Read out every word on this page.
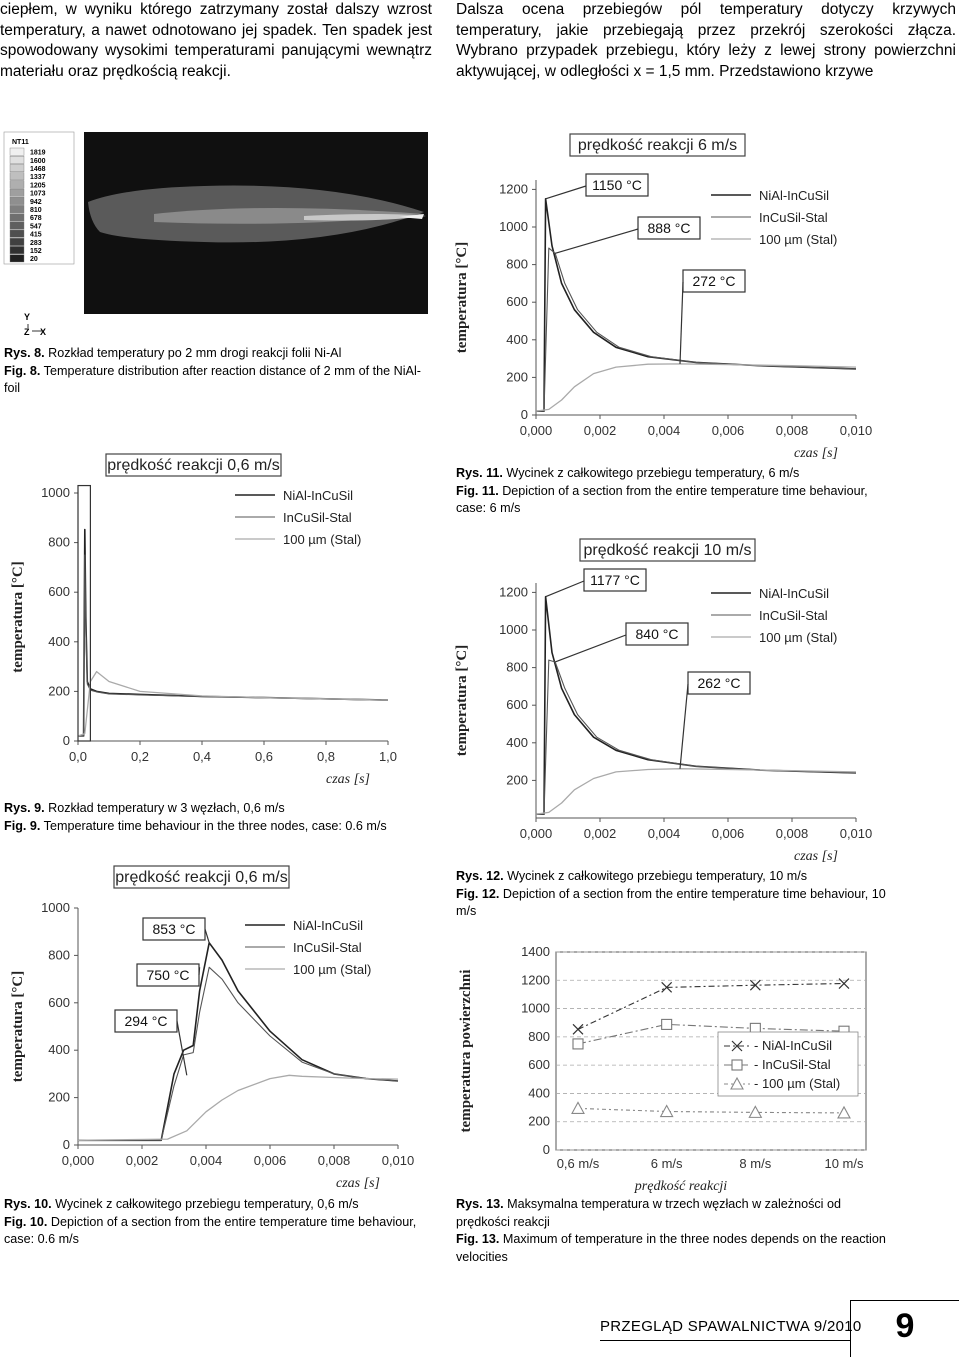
ciepłem, w wyniku którego zatrzymany został dalszy wzrost temperatury, a nawet odnotowano jej spadek. Ten spadek jest spowodowany wysokimi temperaturami panującymi wewnątrz materiału oraz prędkością reakcji.

Dalsza ocena przebiegów pól temperatury dotyczy krzywych temperatury, jakie przebiegają przez przekrój szerokości złącza. Wybrano przypadek przebiegu, który leży z lewej strony powierzchni aktywującej, w odległości x = 1,5 mm. Przedstawiono krzywe

NT11
1819
1600
1468
1337
1205
1073
942
810
678
547
415
283
152
20
Y
Z X

Rys. 8. Rozkład temperatury po 2 mm drogi reakcji folii Ni-Al

Fig. 8. Temperature distribution after reaction distance of 2 mm of the NiAl-foil

prędkość reakcji 0,6 m/s
0
200
400
600
800
1000
0,0	0,2	0,4	0,6	0,8	1,0
czas [s]
temperatura [°C]
NiAl-InCuSil
InCuSil-Stal
100 µm (Stal)
prędkość reakcji 0,6 m/s
0
200
400
600
800
1000
0,000 0,002 0,004 0,006 0,008 0,010
czas [s]
temperatura [°C]
NiAl-InCuSil
InCuSil-Stal
100 µm (Stal)
853 °C
750 °C
294 °C
prędkość reakcji 6 m/s
0
200
400
600
800
1000
1200
0,000 0,002 0,004 0,006 0,008 0,010
czas [s]
temperatura [°C]
NiAl-InCuSil
InCuSil-Stal
100 µm (Stal)
1150 °C
888 °C
272 °C
prędkość reakcji 10 m/s
200
400
600
800
1000
1200
0,000 0,002 0,004 0,006 0,008 0,010
czas [s]
temperatura [°C]
NiAl-InCuSil
InCuSil-Stal
100 µm (Stal)
1177 °C
840 °C
262 °C
0
200
400
600
800
1000
1200
1400
0,6 m/s	6 m/s	8 m/s	10 m/s
prędkość reakcji
temperatura powierzchni	- NiAl-InCuSil
- InCuSil-Stal
- 100 µm (Stal)

Rys. 9. Rozkład temperatury w 3 węzłach, 0,6 m/s

Fig. 9. Temperature time behaviour in the three nodes, case: 0.6 m/s

Rys. 10. Wycinek z całkowitego przebiegu temperatury, 0,6 m/s

Fig. 10. Depiction of a section from the entire temperature time behaviour, case: 0.6 m/s

Rys. 11. Wycinek z całkowitego przebiegu temperatury, 6 m/s

Fig. 11. Depiction of a section from the entire temperature time behaviour, case: 6 m/s

Rys. 12. Wycinek z całkowitego przebiegu temperatury, 10 m/s

Fig. 12. Depiction of a section from the entire temperature time behaviour, 10 m/s

Rys. 13. Maksymalna temperatura w trzech węzłach w zależności od prędkości reakcji

Fig. 13. Maximum of temperature in the three nodes depends on the reaction velocities

PRZEGLĄD SPAWALNICTWA 9/2010 9
